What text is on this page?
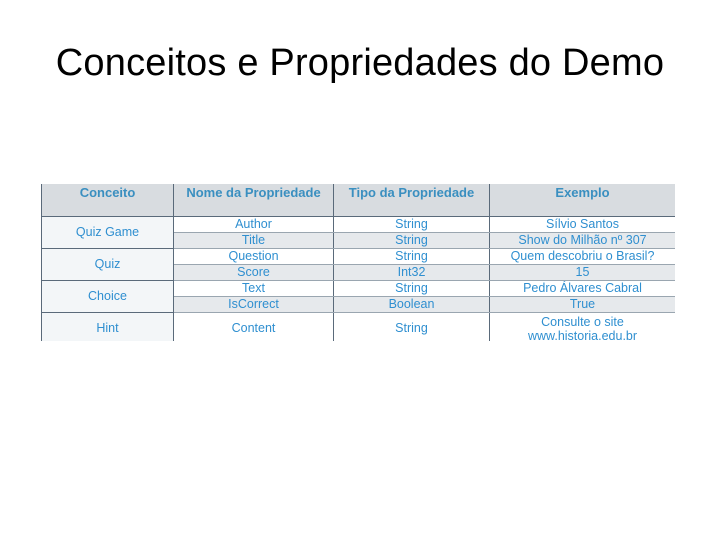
Conceitos e Propriedades do Demo
Conceito	Nome da Propriedade	Tipo da Propriedade	Exemplo
Quiz Game	Author	String	Sílvio Santos
	Title	String	Show do Milhão nº 307
Quiz	Question	String	Quem descobriu o Brasil?
	Score	Int32	15
Choice	Text	String	Pedro Álvares Cabral
	IsCorrect	Boolean	True
Hint	Content	String	Consulte o site www.historia.edu.br
